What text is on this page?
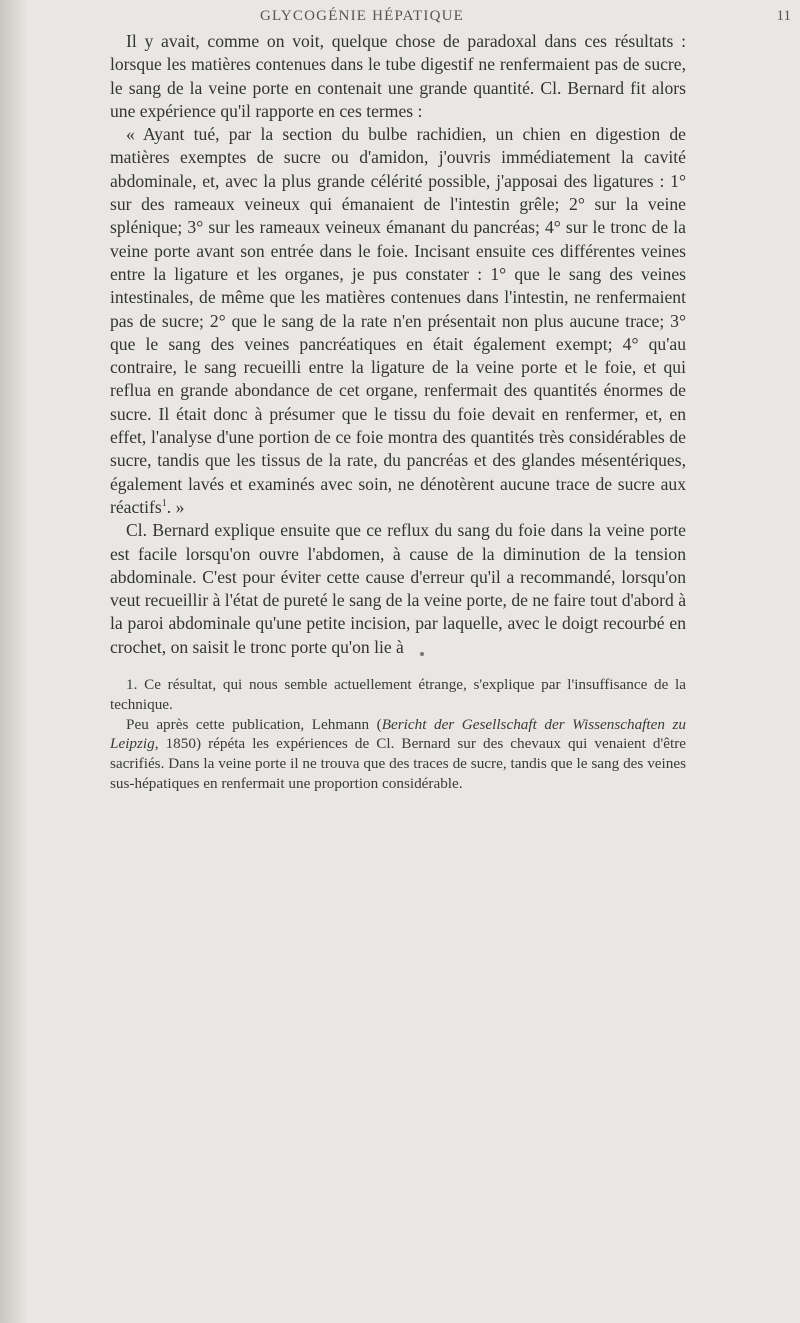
GLYCOGÉNIE HÉPATIQUE	11

Il y avait, comme on voit, quelque chose de paradoxal dans ces résultats : lorsque les matières contenues dans le tube digestif ne renfermaient pas de sucre, le sang de la veine porte en contenait une grande quantité. Cl. Bernard fit alors une expérience qu'il rapporte en ces termes :

« Ayant tué, par la section du bulbe rachidien, un chien en digestion de matières exemptes de sucre ou d'amidon, j'ouvris immédiatement la cavité abdominale, et, avec la plus grande célérité possible, j'apposai des ligatures : 1° sur des rameaux veineux qui émanaient de l'intestin grêle; 2° sur la veine splénique; 3° sur les rameaux veineux émanant du pancréas; 4° sur le tronc de la veine porte avant son entrée dans le foie. Incisant ensuite ces différentes veines entre la ligature et les organes, je pus constater : 1° que le sang des veines intestinales, de même que les matières contenues dans l'intestin, ne renfermaient pas de sucre; 2° que le sang de la rate n'en présentait non plus aucune trace; 3° que le sang des veines pancréatiques en était également exempt; 4° qu'au contraire, le sang recueilli entre la ligature de la veine porte et le foie, et qui reflua en grande abondance de cet organe, renfermait des quantités énormes de sucre. Il était donc à présumer que le tissu du foie devait en renfermer, et, en effet, l'analyse d'une portion de ce foie montra des quantités très considérables de sucre, tandis que les tissus de la rate, du pancréas et des glandes mésentériques, également lavés et examinés avec soin, ne dénotèrent aucune trace de sucre aux réactifs$^1$. »

Cl. Bernard explique ensuite que ce reflux du sang du foie dans la veine porte est facile lorsqu'on ouvre l'abdomen, à cause de la diminution de la tension abdominale. C'est pour éviter cette cause d'erreur qu'il a recommandé, lorsqu'on veut recueillir à l'état de pureté le sang de la veine porte, de ne faire tout d'abord à la paroi abdominale qu'une petite incision, par laquelle, avec le doigt recourbé en crochet, on saisit le tronc porte qu'on lie à

1. Ce résultat, qui nous semble actuellement étrange, s'explique par l'insuffisance de la technique.

Peu après cette publication, Lehmann (Bericht der Gesellschaft der Wissenschaften zu Leipzig, 1850) répéta les expériences de Cl. Bernard sur des chevaux qui venaient d'être sacrifiés. Dans la veine porte il ne trouva que des traces de sucre, tandis que le sang des veines sus-hépatiques en renfermait une proportion considérable.
